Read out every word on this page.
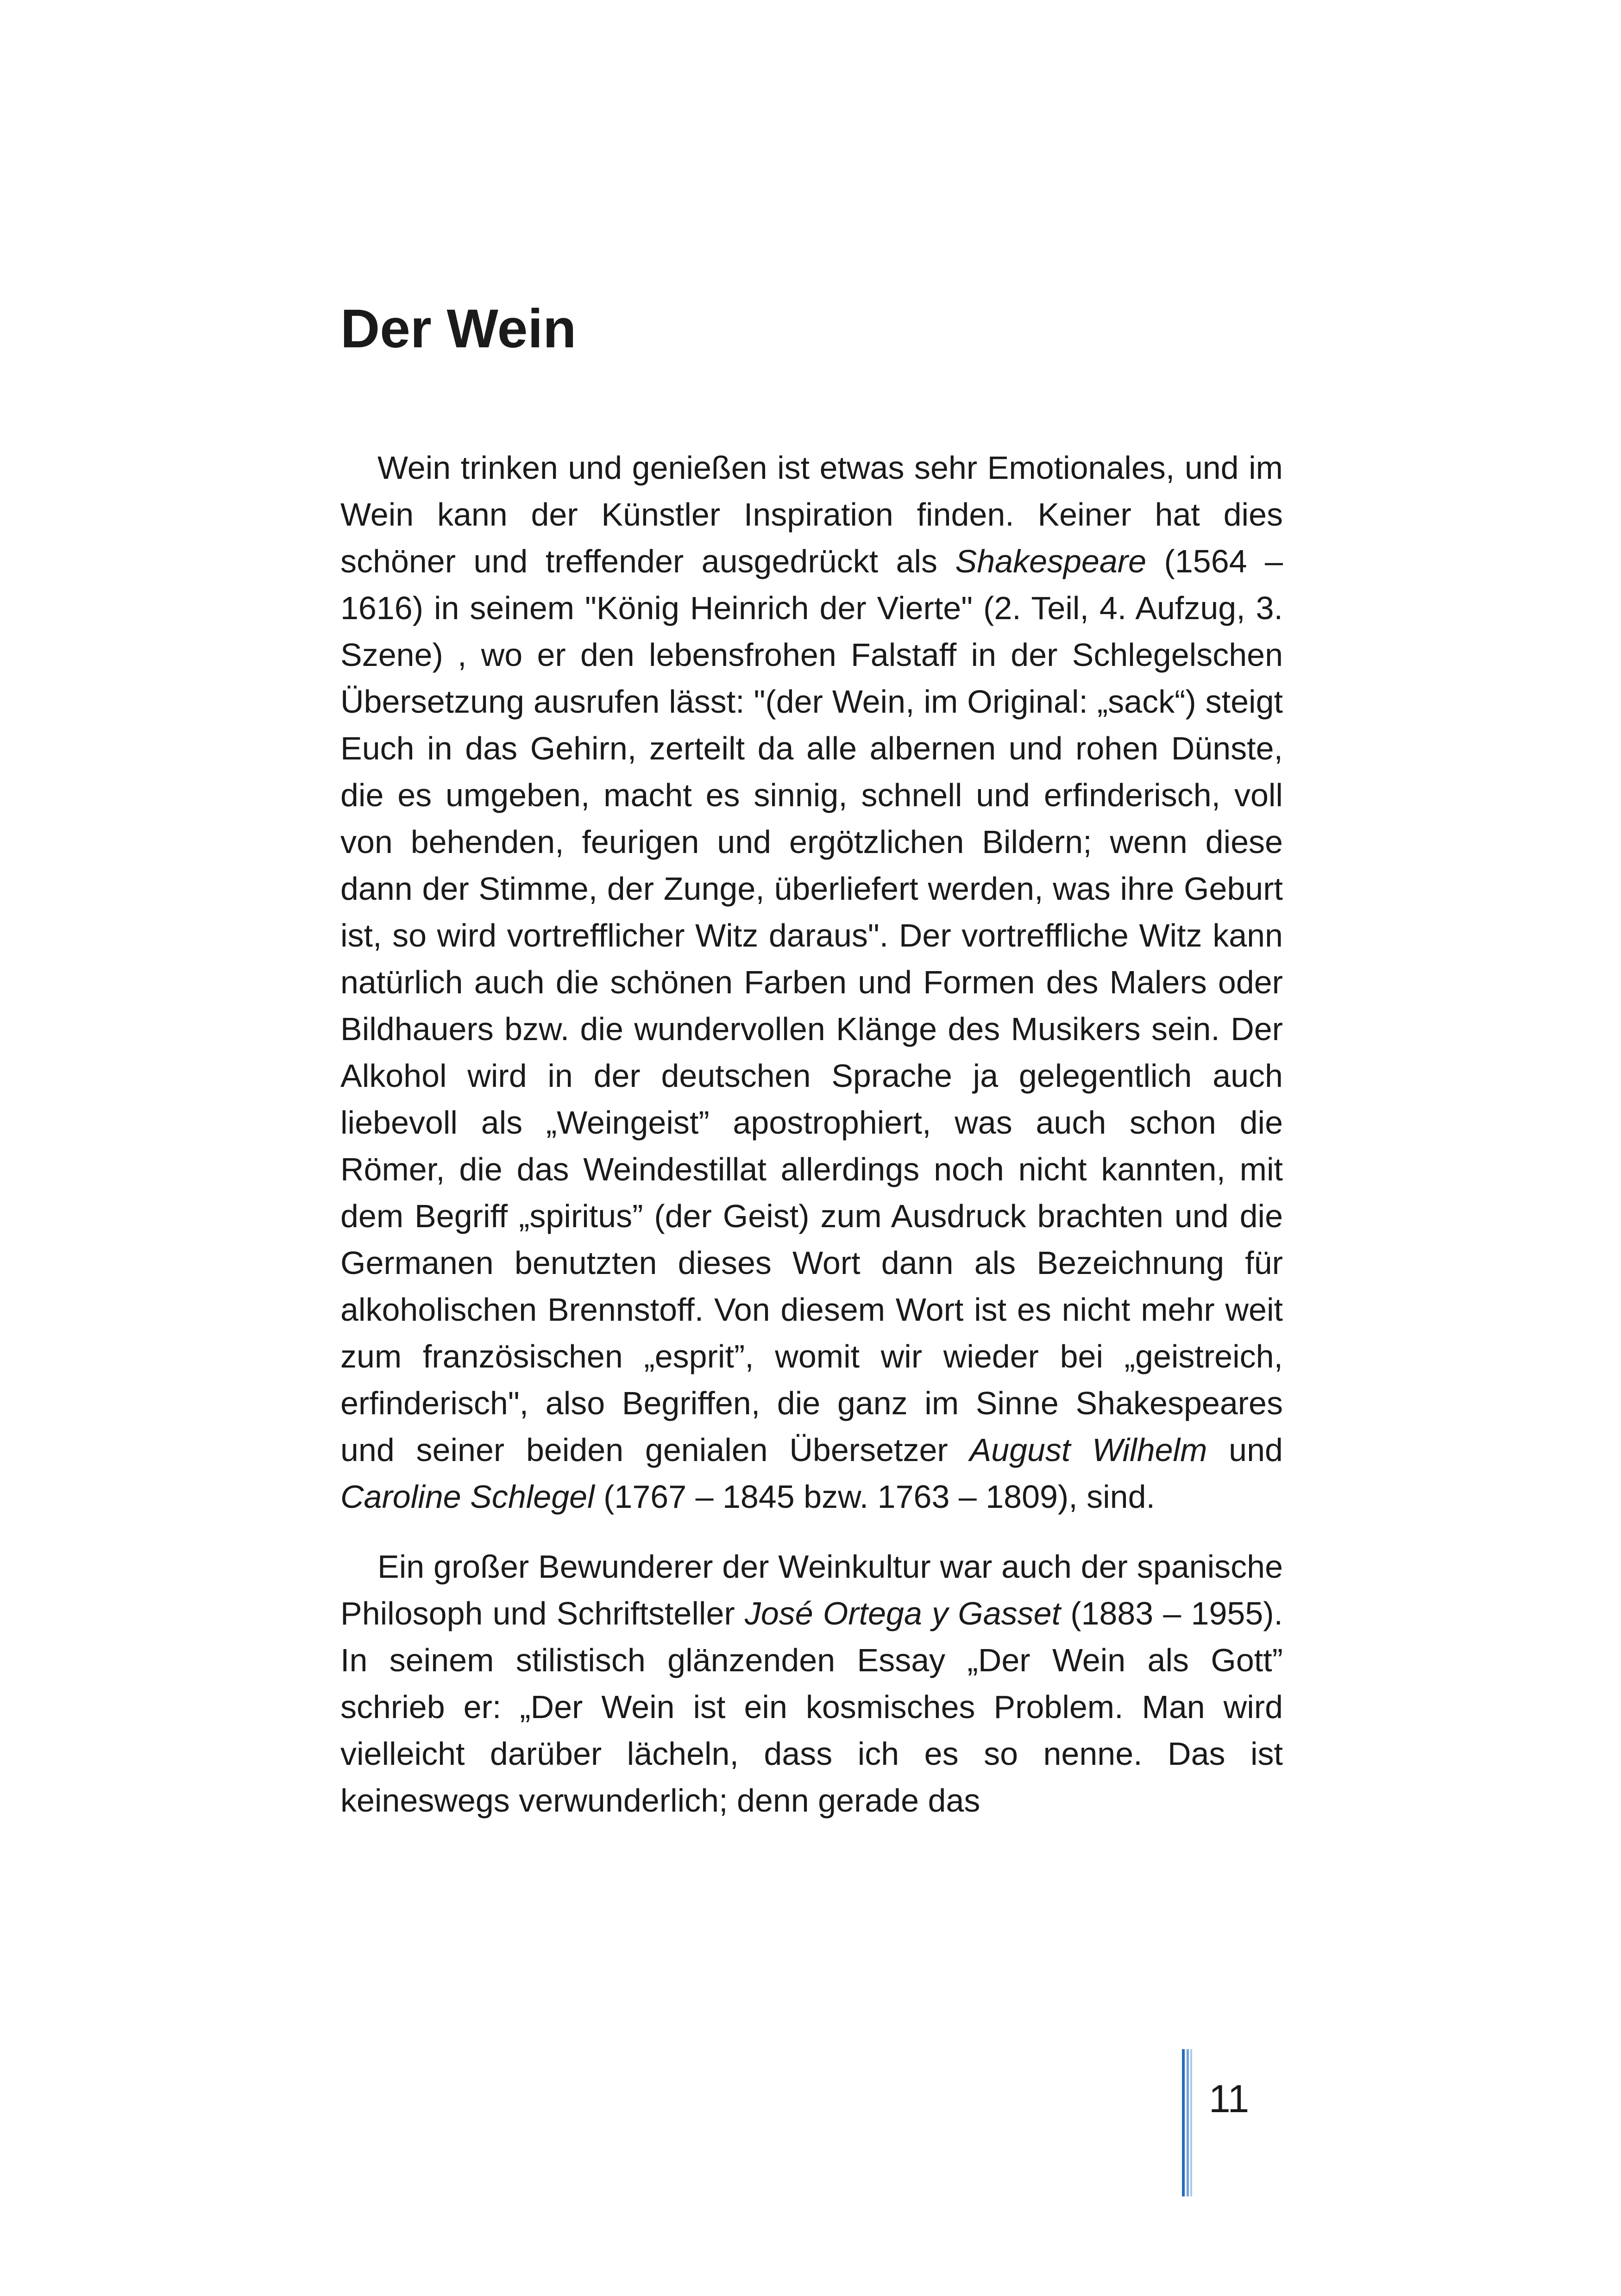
Der Wein

Wein trinken und genießen ist etwas sehr Emotionales, und im Wein kann der Künstler Inspiration finden. Keiner hat dies schöner und treffender ausgedrückt als Shakespeare (1564 – 1616) in seinem "König Heinrich der Vierte" (2. Teil, 4. Aufzug, 3. Szene) , wo er den lebensfrohen Falstaff in der Schlegelschen Übersetzung ausrufen lässt: "(der Wein, im Original: „sack“) steigt Euch in das Gehirn, zerteilt da alle albernen und rohen Dünste, die es umgeben, macht es sinnig, schnell und erfinderisch, voll von behenden, feurigen und ergötzlichen Bildern; wenn diese dann der Stimme, der Zunge, überliefert werden, was ihre Geburt ist, so wird vortrefflicher Witz daraus". Der vortreffliche Witz kann natürlich auch die schönen Farben und Formen des Malers oder Bildhauers bzw. die wundervollen Klänge des Musikers sein. Der Alkohol wird in der deutschen Sprache ja gelegentlich auch liebevoll als „Weingeist” apostrophiert, was auch schon die Römer, die das Weindestillat allerdings noch nicht kannten, mit dem Begriff „spiritus” (der Geist) zum Ausdruck brachten und die Germanen benutzten dieses Wort dann als Bezeichnung für alkoholischen Brennstoff. Von diesem Wort ist es nicht mehr weit zum französischen „esprit”, womit wir wieder bei „geistreich, erfinderisch", also Begriffen, die ganz im Sinne Shakespeares und seiner beiden genialen Übersetzer August Wilhelm und Caroline Schlegel (1767 – 1845 bzw. 1763 – 1809), sind.

Ein großer Bewunderer der Weinkultur war auch der spanische Philosoph und Schriftsteller José Ortega y Gasset (1883 – 1955). In seinem stilistisch glänzenden Essay „Der Wein als Gott” schrieb er: „Der Wein ist ein kosmisches Problem. Man wird vielleicht darüber lächeln, dass ich es so nenne. Das ist keineswegs verwunderlich; denn gerade das

11
